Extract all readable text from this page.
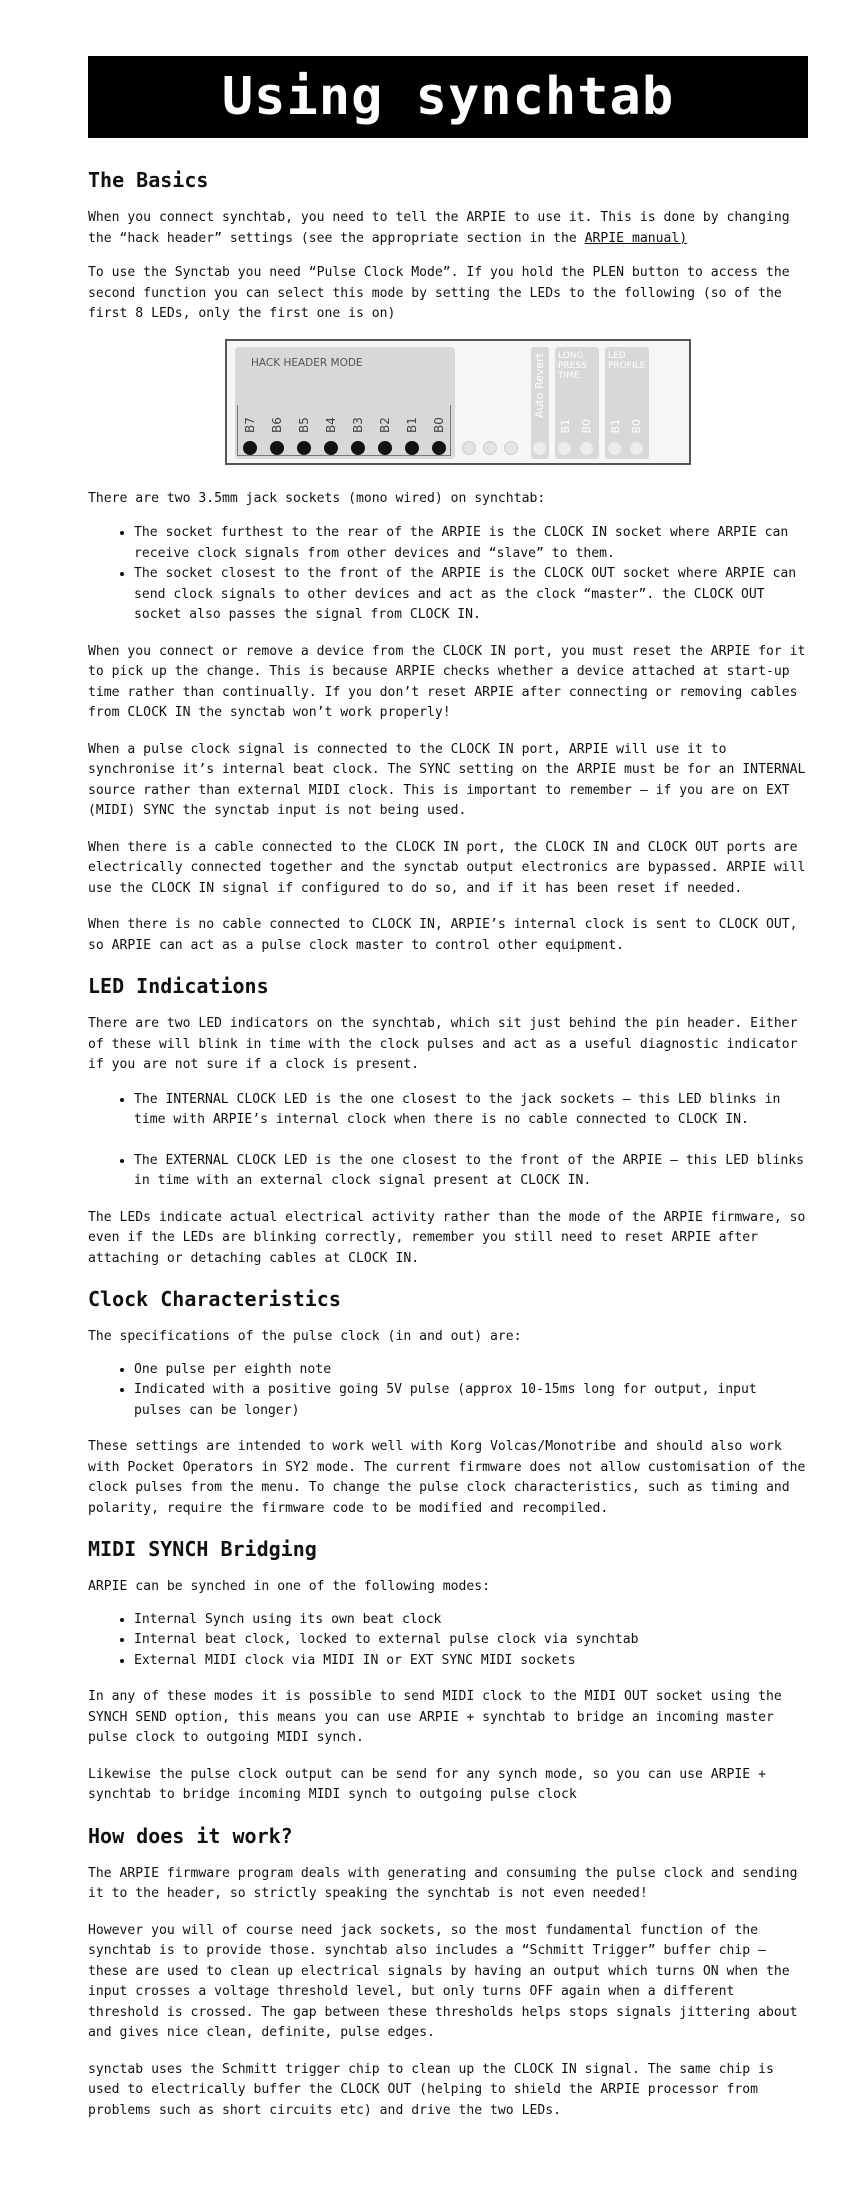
Using synchtab
The Basics

When you connect synchtab, you need to tell the ARPIE to use it. This is done by changing the “hack header” settings (see the appropriate section in the ARPIE manual)

To use the Synctab you need “Pulse Clock Mode”. If you hold the PLEN button to access the second function you can select this mode by setting the LEDs to the following (so of the first 8 LEDs, only the first one is on)

HACK HEADER MODE
B7 B6 B5 B4 B3 B2 B1 B0
Auto Revert LONG PRESS TIME
B1 B0
LED PROFILE
B1 B0

There are two 3.5mm jack sockets (mono wired) on synchtab:

• The socket furthest to the rear of the ARPIE is the CLOCK IN socket where ARPIE can receive clock signals from other devices and “slave” to them.
• The socket closest to the front of the ARPIE is the CLOCK OUT socket where ARPIE can send clock signals to other devices and act as the clock “master”. the CLOCK OUT socket also passes the signal from CLOCK IN.

When you connect or remove a device from the CLOCK IN port, you must reset the ARPIE for it to pick up the change. This is because ARPIE checks whether a device attached at start-up time rather than continually. If you don’t reset ARPIE after connecting or removing cables from CLOCK IN the synctab won’t work properly!

When a pulse clock signal is connected to the CLOCK IN port, ARPIE will use it to synchronise it’s internal beat clock. The SYNC setting on the ARPIE must be for an INTERNAL source rather than external MIDI clock. This is important to remember – if you are on EXT (MIDI) SYNC the synctab input is not being used.

When there is a cable connected to the CLOCK IN port, the CLOCK IN and CLOCK OUT ports are electrically connected together and the synctab output electronics are bypassed. ARPIE will use the CLOCK IN signal if configured to do so, and if it has been reset if needed.

When there is no cable connected to CLOCK IN, ARPIE’s internal clock is sent to CLOCK OUT, so ARPIE can act as a pulse clock master to control other equipment.

LED Indications

There are two LED indicators on the synchtab, which sit just behind the pin header. Either of these will blink in time with the clock pulses and act as a useful diagnostic indicator if you are not sure if a clock is present.

• The INTERNAL CLOCK LED is the one closest to the jack sockets – this LED blinks in time with ARPIE’s internal clock when there is no cable connected to CLOCK IN.
• The EXTERNAL CLOCK LED is the one closest to the front of the ARPIE – this LED blinks in time with an external clock signal present at CLOCK IN.

The LEDs indicate actual electrical activity rather than the mode of the ARPIE firmware, so even if the LEDs are blinking correctly, remember you still need to reset ARPIE after attaching or detaching cables at CLOCK IN.

Clock Characteristics

The specifications of the pulse clock (in and out) are:

• One pulse per eighth note
• Indicated with a positive going 5V pulse (approx 10-15ms long for output, input pulses can be longer)

These settings are intended to work well with Korg Volcas/Monotribe and should also work with Pocket Operators in SY2 mode. The current firmware does not allow customisation of the clock pulses from the menu. To change the pulse clock characteristics, such as timing and polarity, require the firmware code to be modified and recompiled.

MIDI SYNCH Bridging

ARPIE can be synched in one of the following modes:

• Internal Synch using its own beat clock
• Internal beat clock, locked to external pulse clock via synchtab
• External MIDI clock via MIDI IN or EXT SYNC MIDI sockets

In any of these modes it is possible to send MIDI clock to the MIDI OUT socket using the SYNCH SEND option, this means you can use ARPIE + synchtab to bridge an incoming master pulse clock to outgoing MIDI synch.

Likewise the pulse clock output can be send for any synch mode, so you can use ARPIE + synchtab to bridge incoming MIDI synch to outgoing pulse clock

How does it work?

The ARPIE firmware program deals with generating and consuming the pulse clock and sending it to the header, so strictly speaking the synchtab is not even needed!

However you will of course need jack sockets, so the most fundamental function of the synchtab is to provide those. synchtab also includes a “Schmitt Trigger” buffer chip – these are used to clean up electrical signals by having an output which turns ON when the input crosses a voltage threshold level, but only turns OFF again when a different threshold is crossed. The gap between these thresholds helps stops signals jittering about and gives nice clean, definite, pulse edges.

synctab uses the Schmitt trigger chip to clean up the CLOCK IN signal. The same chip is used to electrically buffer the CLOCK OUT (helping to shield the ARPIE processor from problems such as short circuits etc) and drive the two LEDs.
